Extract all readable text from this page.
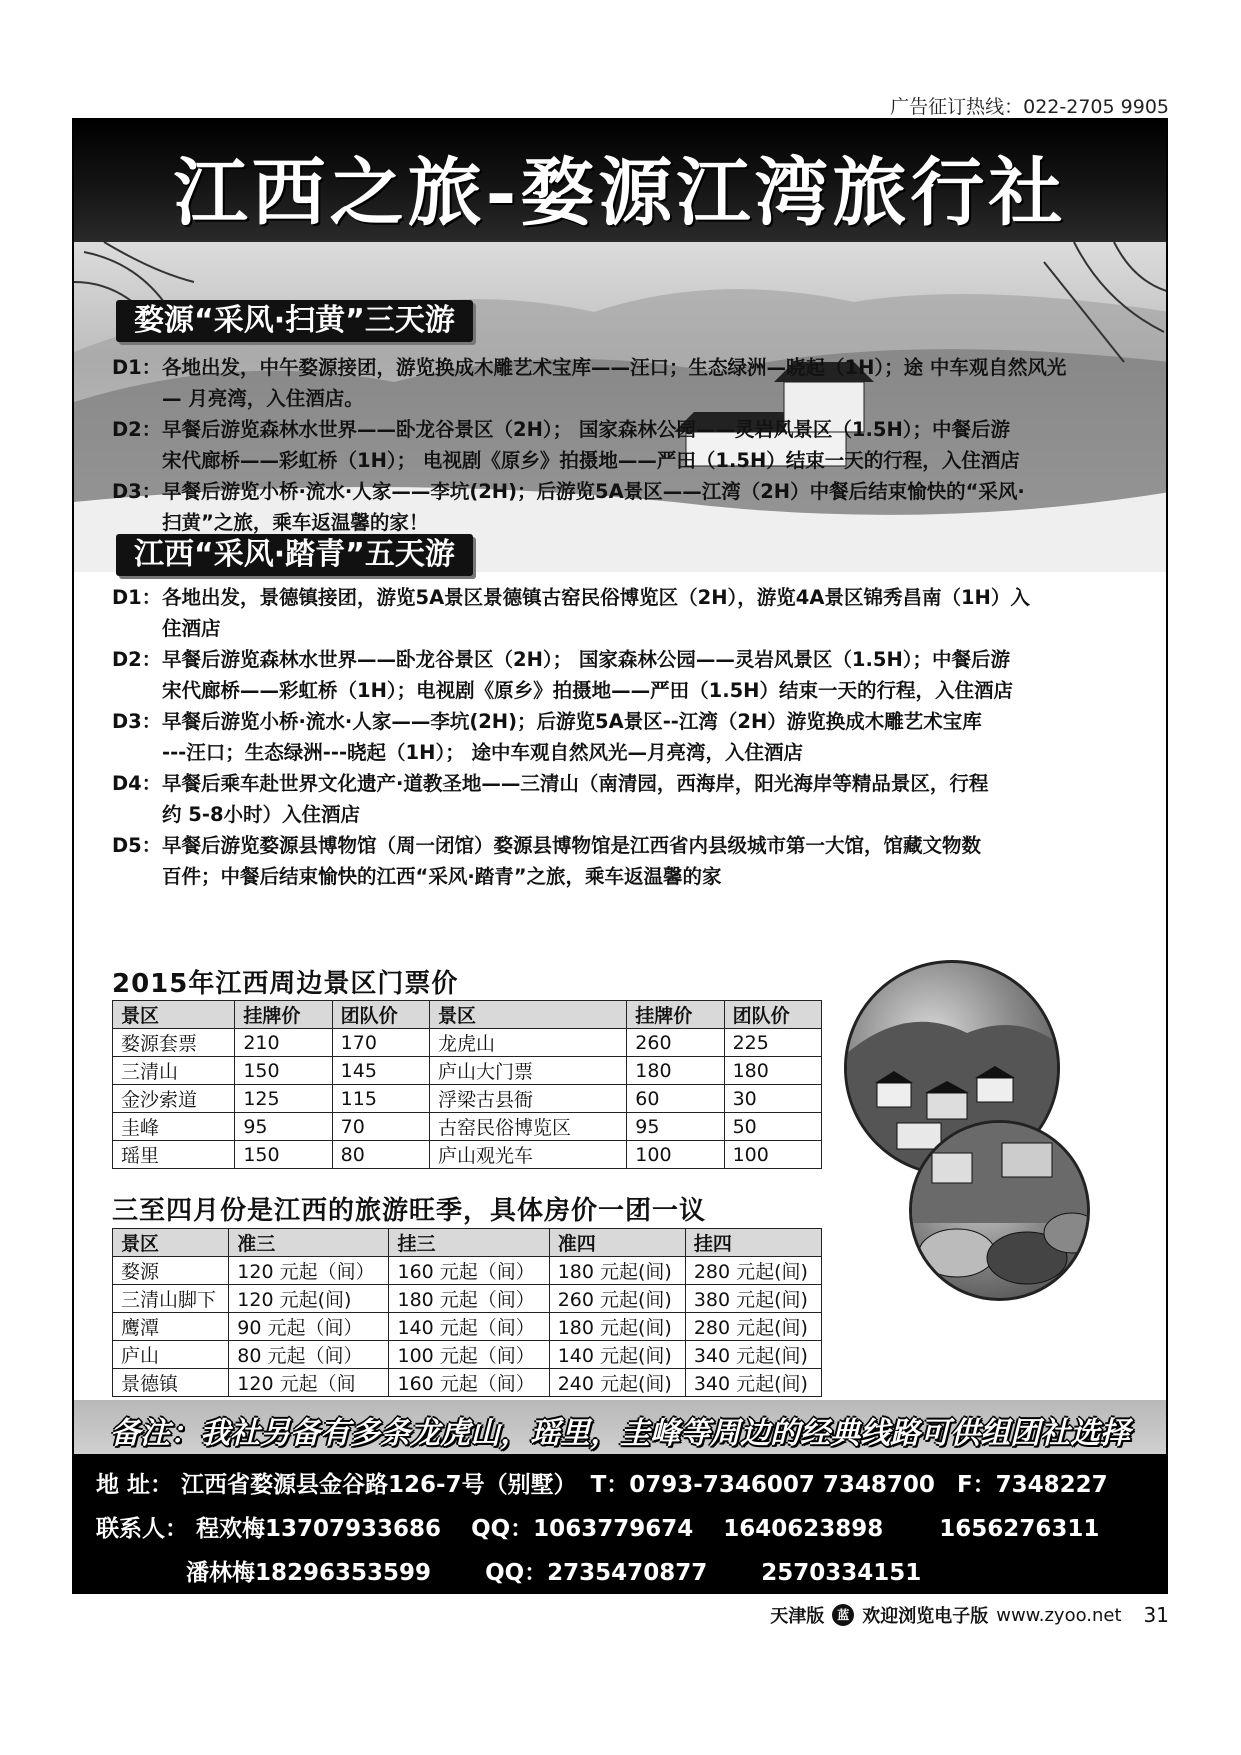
广告征订热线：022-2705 9905
江西之旅-婺源江湾旅行社
婺源“采风·扫黄”三天游
D1： 各地出发，中午婺源接团，游览换成木雕艺术宝库——汪口；生态绿洲—晓起（1H）；途 中车观自然风光
— 月亮湾，入住酒店。
D2： 早餐后游览森林水世界——卧龙谷景区（2H）； 国家森林公园——灵岩风景区（1.5H）；中餐后游
宋代廊桥——彩虹桥（1H）； 电视剧《原乡》拍摄地——严田（1.5H）结束一天的行程，入住酒店
D3： 早餐后游览小桥·流水·人家——李坑(2H)；后游览5A景区——江湾（2H）中餐后结束愉快的“采风·
扫黄”之旅，乘车返温馨的家！
江西“采风·踏青”五天游
D1： 各地出发，景德镇接团，游览5A景区景德镇古窑民俗博览区（2H），游览4A景区锦秀昌南（1H）入
住酒店
D2： 早餐后游览森林水世界——卧龙谷景区（2H）； 国家森林公园——灵岩风景区（1.5H）；中餐后游
宋代廊桥——彩虹桥（1H）；电视剧《原乡》拍摄地——严田（1.5H）结束一天的行程，入住酒店
D3： 早餐后游览小桥·流水·人家——李坑(2H)；后游览5A景区--江湾（2H）游览换成木雕艺术宝库
---汪口；生态绿洲---晓起（1H）； 途中车观自然风光—月亮湾，入住酒店
D4： 早餐后乘车赴世界文化遗产·道教圣地——三清山（南清园，西海岸，阳光海岸等精品景区，行程
约 5-8小时）入住酒店
D5： 早餐后游览婺源县博物馆（周一闭馆）婺源县博物馆是江西省内县级城市第一大馆，馆藏文物数
百件；中餐后结束愉快的江西“采风·踏青”之旅，乘车返温馨的家
2015年江西周边景区门票价
景区	挂牌价	团队价	景区	挂牌价	团队价
婺源套票	210	170	龙虎山	260	225
三清山	150	145	庐山大门票	180	180
金沙索道	125	115	浮梁古县衙	60	30
圭峰	95	70	古窑民俗博览区	95	50
瑶里	150	80	庐山观光车	100	100
三至四月份是江西的旅游旺季，具体房价一团一议
景区	准三	挂三	准四	挂四
婺源	120 元起（间）	160 元起（间）	180 元起(间)	280 元起(间)
三清山脚下	120 元起(间)	180 元起（间）	260 元起(间)	380 元起(间)
鹰潭	90 元起（间）	140 元起（间）	180 元起(间)	280 元起(间)
庐山	80 元起（间）	100 元起（间）	140 元起(间)	340 元起(间)
景德镇	120 元起（间	160 元起（间）	240 元起(间)	340 元起(间)
备注：我社另备有多条龙虎山，瑶里，圭峰等周边的经典线路可供组团社选择
地 址： 江西省婺源县金谷路126-7号（别墅） T：0793-7346007 7348700 F：7348227
联系人： 程欢梅13707933686 QQ：1063779674 1640623898 1656276311
潘林梅18296353599 QQ：2735470877 2570334151
天津版	蓝 欢迎浏览电子版 www.zyoo.net 31
